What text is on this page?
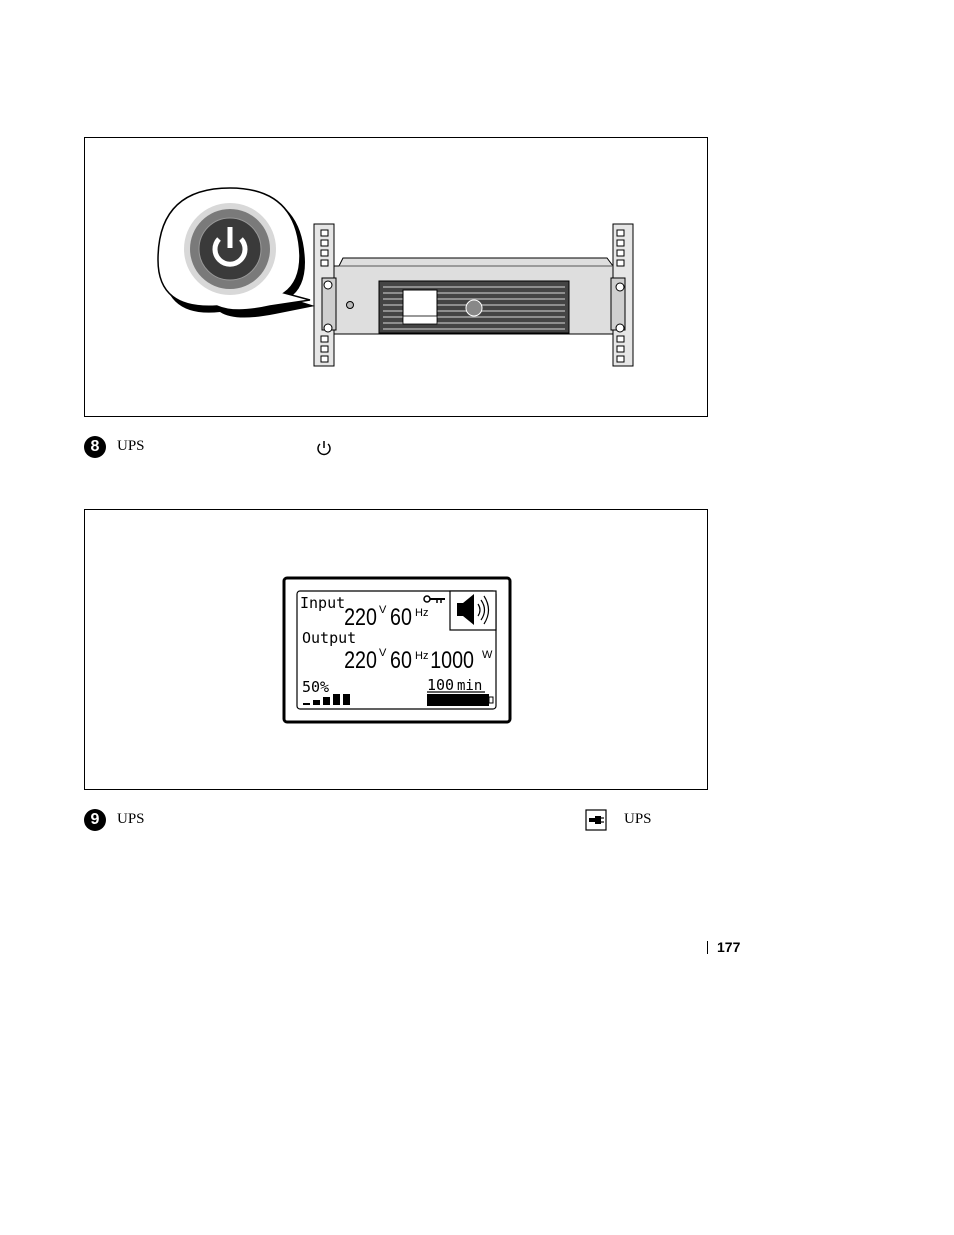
8	UPS
Input
220 V 60 Hz
Output
220 V 60 Hz 1000 W
50%	100 min
9	UPS	UPS
177
